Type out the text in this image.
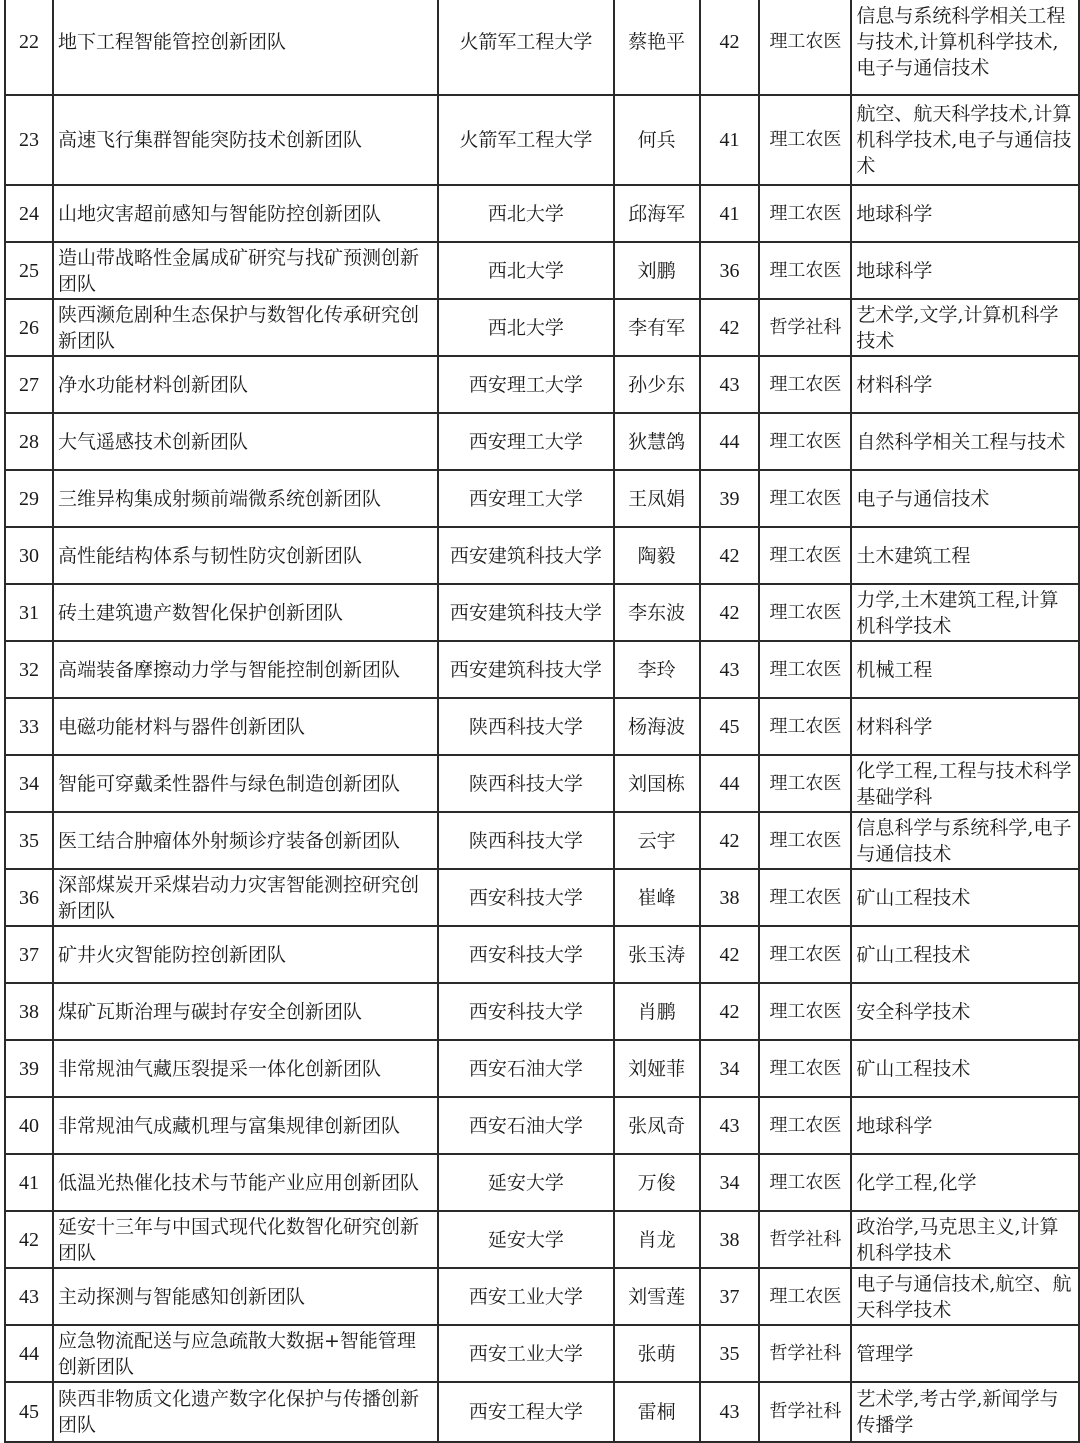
22	地下工程智能管控创新团队	火箭军工程大学	蔡艳平	42	理工农医	信息与系统科学相关工程与技术,计算机科学技术,电子与通信技术
23	高速飞行集群智能突防技术创新团队	火箭军工程大学	何兵	41	理工农医	航空、航天科学技术,计算机科学技术,电子与通信技术
24	山地灾害超前感知与智能防控创新团队	西北大学	邱海军	41	理工农医	地球科学
25	造山带战略性金属成矿研究与找矿预测创新团队	西北大学	刘鹏	36	理工农医	地球科学
26	陕西濒危剧种生态保护与数智化传承研究创新团队	西北大学	李有军	42	哲学社科	艺术学,文学,计算机科学技术
27	净水功能材料创新团队	西安理工大学	孙少东	43	理工农医	材料科学
28	大气遥感技术创新团队	西安理工大学	狄慧鸽	44	理工农医	自然科学相关工程与技术
29	三维异构集成射频前端微系统创新团队	西安理工大学	王凤娟	39	理工农医	电子与通信技术
30	高性能结构体系与韧性防灾创新团队	西安建筑科技大学	陶毅	42	理工农医	土木建筑工程
31	砖土建筑遗产数智化保护创新团队	西安建筑科技大学	李东波	42	理工农医	力学,土木建筑工程,计算机科学技术
32	高端装备摩擦动力学与智能控制创新团队	西安建筑科技大学	李玲	43	理工农医	机械工程
33	电磁功能材料与器件创新团队	陕西科技大学	杨海波	45	理工农医	材料科学
34	智能可穿戴柔性器件与绿色制造创新团队	陕西科技大学	刘国栋	44	理工农医	化学工程,工程与技术科学基础学科
35	医工结合肿瘤体外射频诊疗装备创新团队	陕西科技大学	云宇	42	理工农医	信息科学与系统科学,电子与通信技术
36	深部煤炭开采煤岩动力灾害智能测控研究创新团队	西安科技大学	崔峰	38	理工农医	矿山工程技术
37	矿井火灾智能防控创新团队	西安科技大学	张玉涛	42	理工农医	矿山工程技术
38	煤矿瓦斯治理与碳封存安全创新团队	西安科技大学	肖鹏	42	理工农医	安全科学技术
39	非常规油气藏压裂提采一体化创新团队	西安石油大学	刘娅菲	34	理工农医	矿山工程技术
40	非常规油气成藏机理与富集规律创新团队	西安石油大学	张凤奇	43	理工农医	地球科学
41	低温光热催化技术与节能产业应用创新团队	延安大学	万俊	34	理工农医	化学工程,化学
42	延安十三年与中国式现代化数智化研究创新团队	延安大学	肖龙	38	哲学社科	政治学,马克思主义,计算机科学技术
43	主动探测与智能感知创新团队	西安工业大学	刘雪莲	37	理工农医	电子与通信技术,航空、航天科学技术
44	应急物流配送与应急疏散大数据+智能管理创新团队	西安工业大学	张萌	35	哲学社科	管理学
45	陕西非物质文化遗产数字化保护与传播创新团队	西安工程大学	雷桐	43	哲学社科	艺术学,考古学,新闻学与传播学
